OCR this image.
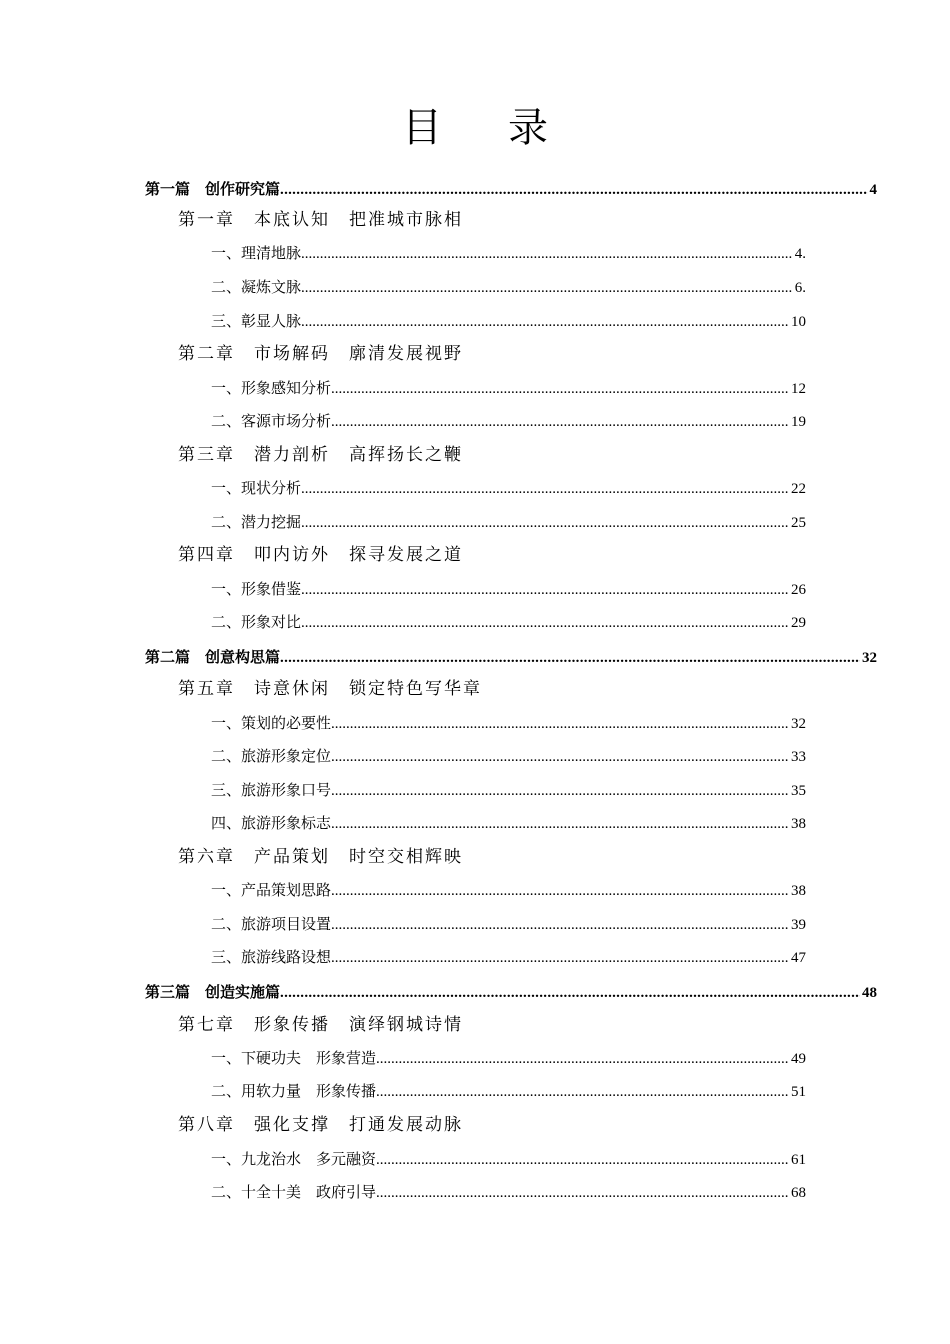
目 录
第一篇　创作研究篇 .....	4
第一章　本底认知　把准城市脉相
一、理清地脉 .....	4.
二、凝炼文脉 .....	6.
三、彰显人脉 .....	10
第二章　市场解码　廓清发展视野
一、形象感知分析 .....	12
二、客源市场分析 .....	19
第三章　潜力剖析　高挥扬长之鞭
一、现状分析 .....	22
二、潜力挖掘 .....	25
第四章　叩内访外　探寻发展之道
一、形象借鉴 .....	26
二、形象对比 .....	29
第二篇　创意构思篇 .....	32
第五章　诗意休闲　锁定特色写华章
一、策划的必要性 .....	32
二、旅游形象定位 .....	33
三、旅游形象口号 .....	35
四、旅游形象标志 .....	38
第六章　产品策划　时空交相辉映
一、产品策划思路 .....	38
二、旅游项目设置 .....	39
三、旅游线路设想 .....	47
第三篇　创造实施篇 .....	48
第七章　形象传播　演绎钢城诗情
一、下硬功夫　形象营造 .....	49
二、用软力量　形象传播 .....	51
第八章　强化支撑　打通发展动脉
一、九龙治水　多元融资 .....	61
二、十全十美　政府引导 .....	68
